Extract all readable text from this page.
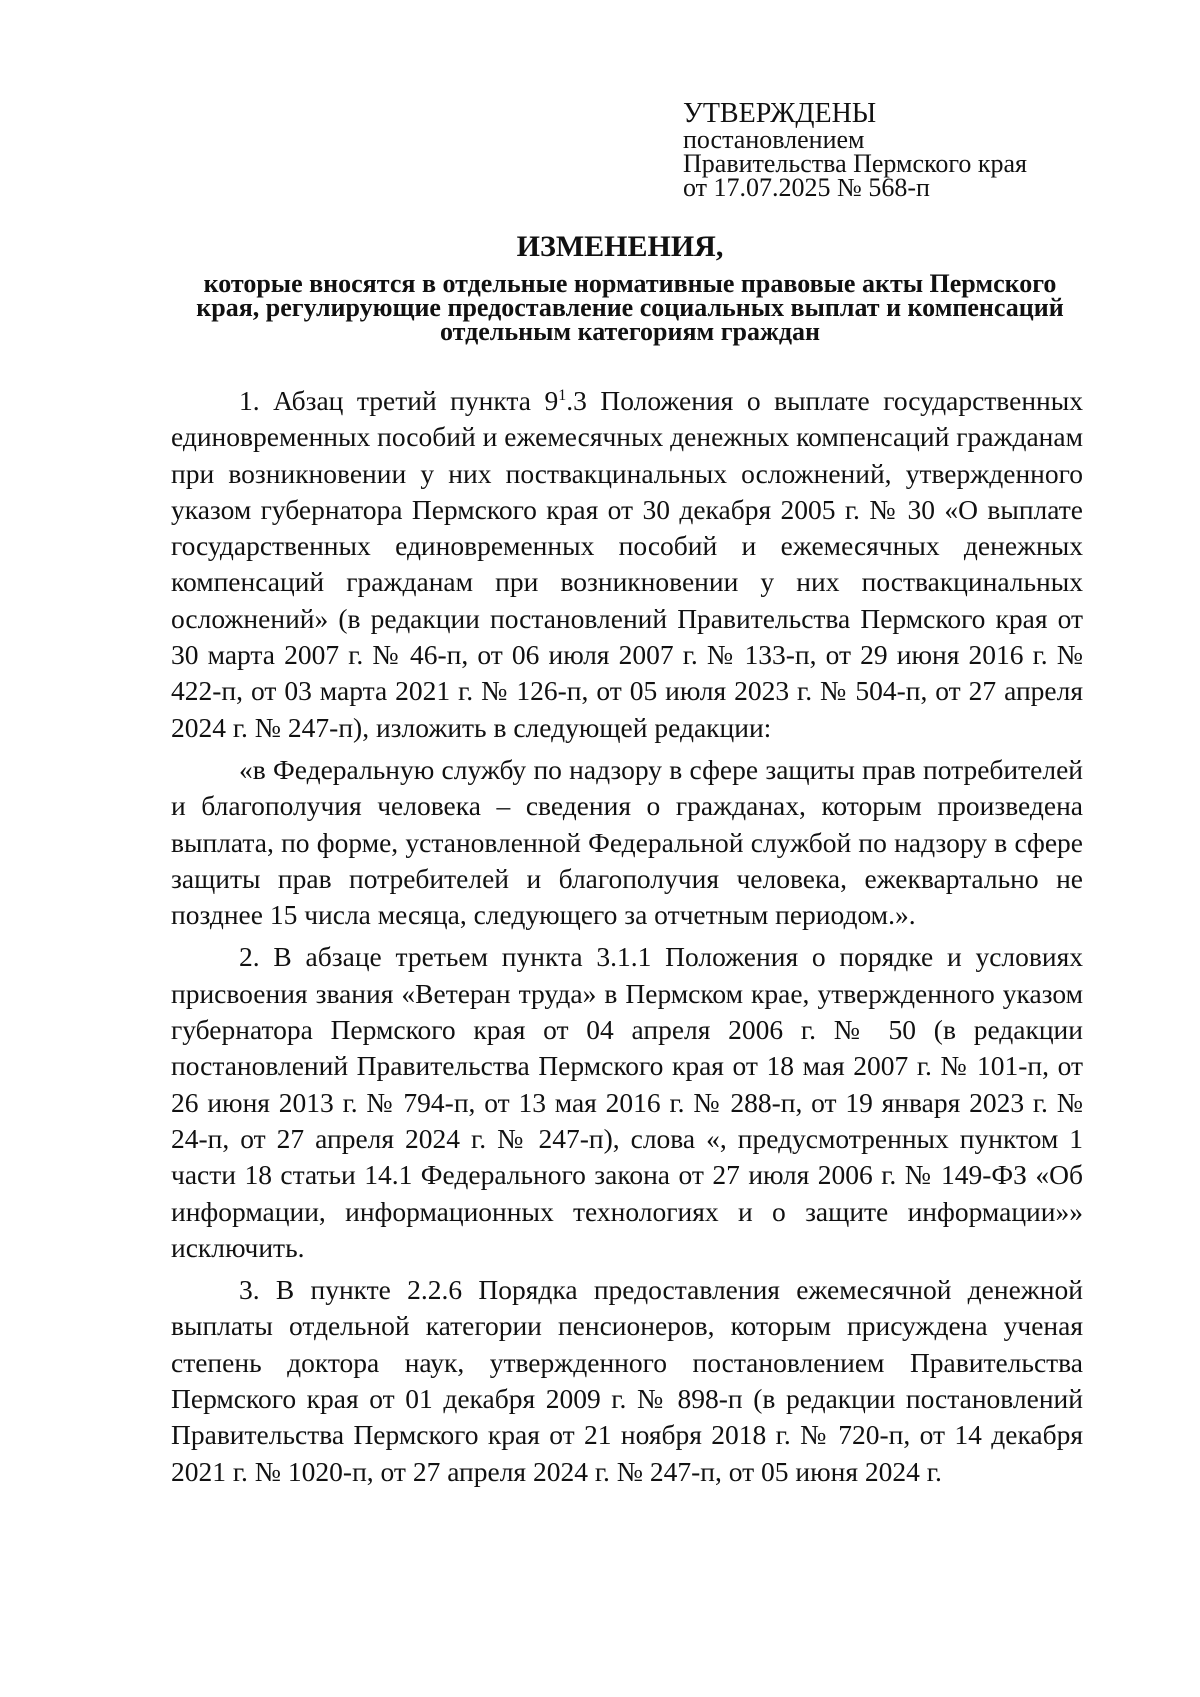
УТВЕРЖДЕНЫ
постановлением
Правительства Пермского края
от 17.07.2025 № 568-п
ИЗМЕНЕНИЯ,
которые вносятся в отдельные нормативные правовые акты Пермского края, регулирующие предоставление социальных выплат и компенсаций отдельным категориям граждан

1. Абзац третий пункта $9^1.3$ Положения о выплате государственных единовременных пособий и ежемесячных денежных компенсаций гражданам при возникновении у них поствакцинальных осложнений, утвержденного указом губернатора Пермского края от 30 декабря 2005 г. № 30 «О выплате государственных единовременных пособий и ежемесячных денежных компенсаций гражданам при возникновении у них поствакцинальных осложнений» (в редакции постановлений Правительства Пермского края от 30 марта 2007 г. № 46-п, от 06 июля 2007 г. № 133-п, от 29 июня 2016 г. № 422-п, от 03 марта 2021 г. № 126-п, от 05 июля 2023 г. № 504-п, от 27 апреля 2024 г. № 247-п), изложить в следующей редакции:

«в Федеральную службу по надзору в сфере защиты прав потребителей и благополучия человека – сведения о гражданах, которым произведена выплата, по форме, установленной Федеральной службой по надзору в сфере защиты прав потребителей и благополучия человека, ежеквартально не позднее 15 числа месяца, следующего за отчетным периодом.».

2. В абзаце третьем пункта 3.1.1 Положения о порядке и условиях присвоения звания «Ветеран труда» в Пермском крае, утвержденного указом губернатора Пермского края от 04 апреля 2006 г. № 50 (в редакции постановлений Правительства Пермского края от 18 мая 2007 г. № 101-п, от 26 июня 2013 г. № 794-п, от 13 мая 2016 г. № 288-п, от 19 января 2023 г. № 24-п, от 27 апреля 2024 г. № 247-п), слова «, предусмотренных пунктом 1 части 18 статьи 14.1 Федерального закона от 27 июля 2006 г. № 149-ФЗ «Об информации, информационных технологиях и о защите информации»» исключить.

3. В пункте 2.2.6 Порядка предоставления ежемесячной денежной выплаты отдельной категории пенсионеров, которым присуждена ученая степень доктора наук, утвержденного постановлением Правительства Пермского края от 01 декабря 2009 г. № 898-п (в редакции постановлений Правительства Пермского края от 21 ноября 2018 г. № 720-п, от 14 декабря 2021 г. № 1020-п, от 27 апреля 2024 г. № 247-п, от 05 июня 2024 г.
